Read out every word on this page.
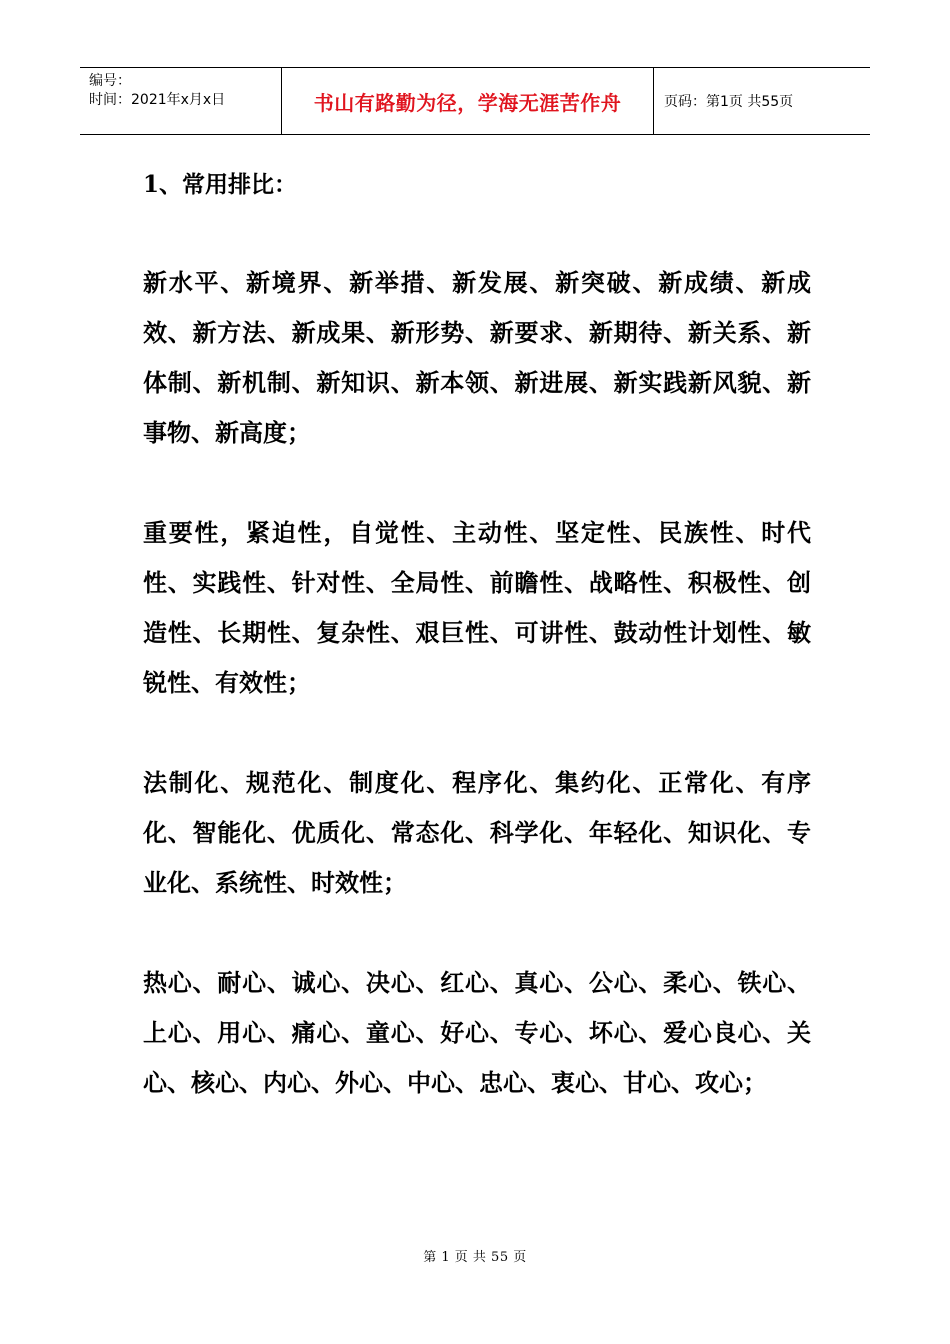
编号：
时间：2021年x月x日	书山有路勤为径，学海无涯苦作舟	页码：第1页 共55页

1、常用排比：

新水平、新境界、新举措、新发展、新突破、新成绩、新成效、新方法、新成果、新形势、新要求、新期待、新关系、新体制、新机制、新知识、新本领、新进展、新实践新风貌、新事物、新高度；

重要性，紧迫性，自觉性、主动性、坚定性、民族性、时代性、实践性、针对性、全局性、前瞻性、战略性、积极性、创造性、长期性、复杂性、艰巨性、可讲性、鼓动性计划性、敏锐性、有效性；

法制化、规范化、制度化、程序化、集约化、正常化、有序化、智能化、优质化、常态化、科学化、年轻化、知识化、专业化、系统性、时效性；

热心、耐心、诚心、决心、红心、真心、公心、柔心、铁心、上心、用心、痛心、童心、好心、专心、坏心、爱心良心、关心、核心、内心、外心、中心、忠心、衷心、甘心、攻心；

第 1 页 共 55 页
